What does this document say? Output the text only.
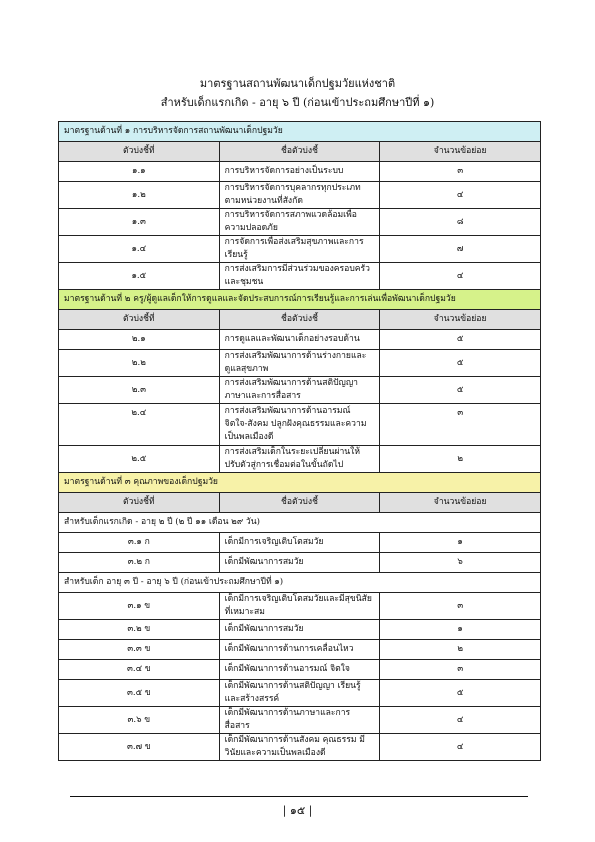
มาตรฐานสถานพัฒนาเด็กปฐมวัยแห่งชาติ
สำหรับเด็กแรกเกิด - อายุ ๖ ปี (ก่อนเข้าประถมศึกษาปีที่ ๑)
มาตรฐานด้านที่ ๑ การบริหารจัดการสถานพัฒนาเด็กปฐมวัย		
ตัวบ่งชี้ที่	ชื่อตัวบ่งชี้	จำนวนข้อย่อย
๑.๑	การบริหารจัดการอย่างเป็นระบบ	๓
๑.๒	การบริหารจัดการบุคลากรทุกประเภทตามหน่วยงานที่สังกัด	๔
๑.๓	การบริหารจัดการสภาพแวดล้อมเพื่อความปลอดภัย	๘
๑.๔	การจัดการเพื่อส่งเสริมสุขภาพและการเรียนรู้	๗
๑.๕	การส่งเสริมการมีส่วนร่วมของครอบครัวและชุมชน	๔
มาตรฐานด้านที่ ๒ ครู/ผู้ดูแลเด็กให้การดูแลและจัดประสบการณ์การเรียนรู้และการเล่นเพื่อพัฒนาเด็กปฐมวัย		
ตัวบ่งชี้ที่	ชื่อตัวบ่งชี้	จำนวนข้อย่อย
๒.๑	การดูแลและพัฒนาเด็กอย่างรอบด้าน	๕
๒.๒	การส่งเสริมพัฒนาการด้านร่างกายและดูแลสุขภาพ	๕
๒.๓	การส่งเสริมพัฒนาการด้านสติปัญญา ภาษาและการสื่อสาร	๕
๒.๔	การส่งเสริมพัฒนาการด้านอารมณ์ จิตใจ-สังคม ปลูกฝังคุณธรรมและความเป็นพลเมืองดี	๓
๒.๕	การส่งเสริมเด็กในระยะเปลี่ยนผ่านให้ปรับตัวสู่การเชื่อมต่อในขั้นถัดไป	๒
มาตรฐานด้านที่ ๓ คุณภาพของเด็กปฐมวัย		
ตัวบ่งชี้ที่	ชื่อตัวบ่งชี้	จำนวนข้อย่อย
สำหรับเด็กแรกเกิด - อายุ ๒ ปี (๒ ปี ๑๑ เดือน ๒๙ วัน)		
๓.๑ ก	เด็กมีการเจริญเติบโตสมวัย	๑
๓.๒ ก	เด็กมีพัฒนาการสมวัย	๖
สำหรับเด็ก อายุ ๓ ปี - อายุ ๖ ปี (ก่อนเข้าประถมศึกษาปีที่ ๑)		
๓.๑ ข	เด็กมีการเจริญเติบโตสมวัยและมีสุขนิสัยที่เหมาะสม	๓
๓.๒ ข	เด็กมีพัฒนาการสมวัย	๑
๓.๓ ข	เด็กมีพัฒนาการด้านการเคลื่อนไหว	๒
๓.๔ ข	เด็กมีพัฒนาการด้านอารมณ์ จิตใจ	๓
๓.๕ ข	เด็กมีพัฒนาการด้านสติปัญญา เรียนรู้และสร้างสรรค์	๕
๓.๖ ข	เด็กมีพัฒนาการด้านภาษาและการสื่อสาร	๔
๓.๗ ข	เด็กมีพัฒนาการด้านสังคม คุณธรรม มีวินัยและความเป็นพลเมืองดี	๔
| ๑๕ |
